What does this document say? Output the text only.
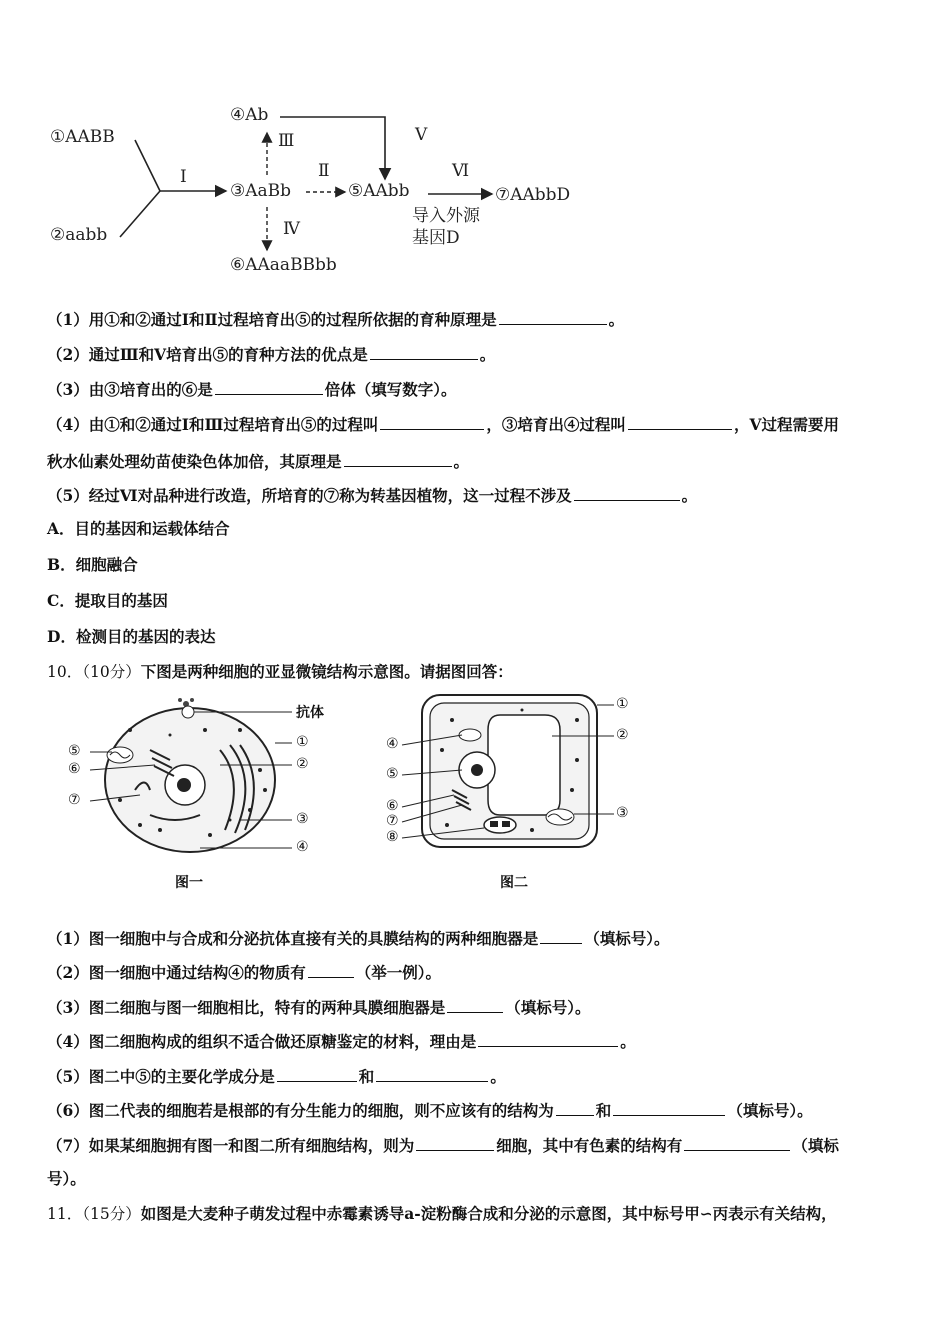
①AABB
②aabb
③AaBb
④Ab
⑤AAbb
⑥AAaaBBbb
⑦AAbbD
Ⅰ	Ⅱ
Ⅲ
Ⅳ
Ⅴ
Ⅵ
导入外源
基因D
（1）用①和②通过Ⅰ和Ⅱ过程培育出⑤的过程所依据的育种原理是	。
（2）通过Ⅲ和Ⅴ培育出⑤的育种方法的优点是	。
（3）由③培育出的⑥是	倍体（填写数字）。
（4）由①和②通过Ⅰ和Ⅲ过程培育出⑤的过程叫	，③培育出④过程叫	，Ⅴ过程需要用
秋水仙素处理幼苗使染色体加倍，其原理是	。
（5）经过Ⅵ对品种进行改造，所培育的⑦称为转基因植物，这一过程不涉及	。
A．目的基因和运载体结合
B．细胞融合
C．提取目的基因
D．检测目的基因的表达
10．（10分）下图是两种细胞的亚显微镜结构示意图。请据图回答：
抗体
①
②
③
④
⑤
⑥
⑦
图一
①
②
③
④
⑤
⑥
⑦
⑧
图二
（1）图一细胞中与合成和分泌抗体直接有关的具膜结构的两种细胞器是	（填标号）。
（2）图一细胞中通过结构④的物质有	（举一例）。
（3）图二细胞与图一细胞相比，特有的两种具膜细胞器是	（填标号）。
（4）图二细胞构成的组织不适合做还原糖鉴定的材料，理由是	。
（5）图二中⑤的主要化学成分是	和	。
（6）图二代表的细胞若是根部的有分生能力的细胞，则不应该有的结构为	和	（填标号）。
（7）如果某细胞拥有图一和图二所有细胞结构，则为	细胞，其中有色素的结构有	（填标
号）。
11．（15分）如图是大麦种子萌发过程中赤霉素诱导a-淀粉酶合成和分泌的示意图，其中标号甲∽丙表示有关结构，
